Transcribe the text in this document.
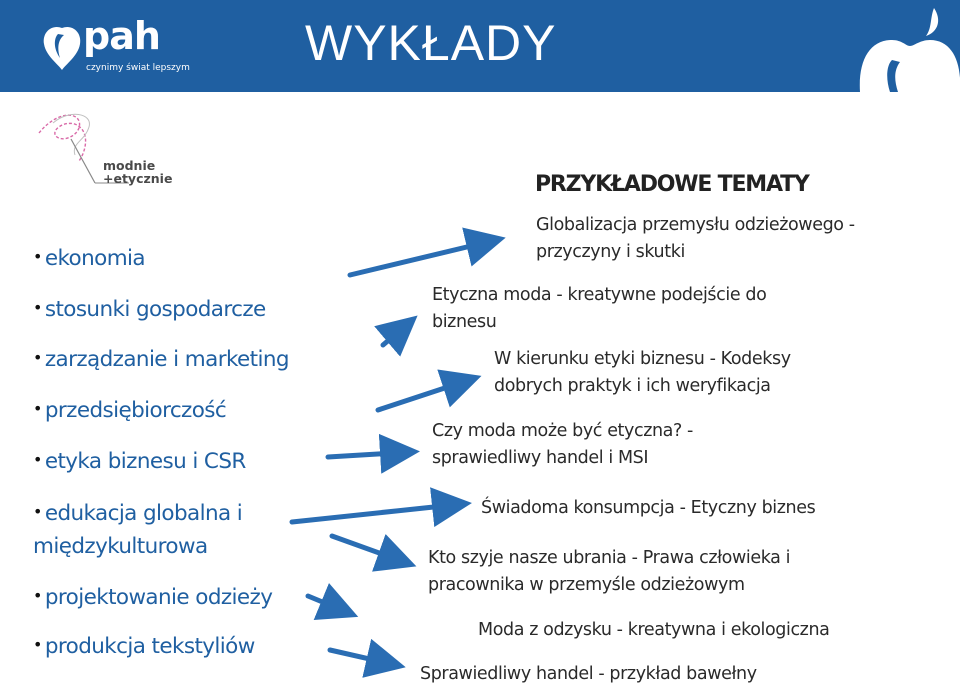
pah
czynimy świat lepszym WYKŁADY
modnie
+etycznie	PRZYKŁADOWE TEMATY
• ekonomia
• stosunki gospodarcze
• zarządzanie i marketing
• przedsiębiorczość
• etyka biznesu i CSR
• edukacja globalna i
międzykulturowa
• projektowanie odzieży
• produkcja tekstyliów
Globalizacja przemysłu odzieżowego -
przyczyny i skutki
Etyczna moda - kreatywne podejście do
biznesu
W kierunku etyki biznesu - Kodeksy
dobrych praktyk i ich weryfikacja
Czy moda może być etyczna? -
sprawiedliwy handel i MSI
Świadoma konsumpcja - Etyczny biznes
Kto szyje nasze ubrania - Prawa człowieka i
pracownika w przemyśle odzieżowym
Moda z odzysku - kreatywna i ekologiczna
Sprawiedliwy handel - przykład bawełny
